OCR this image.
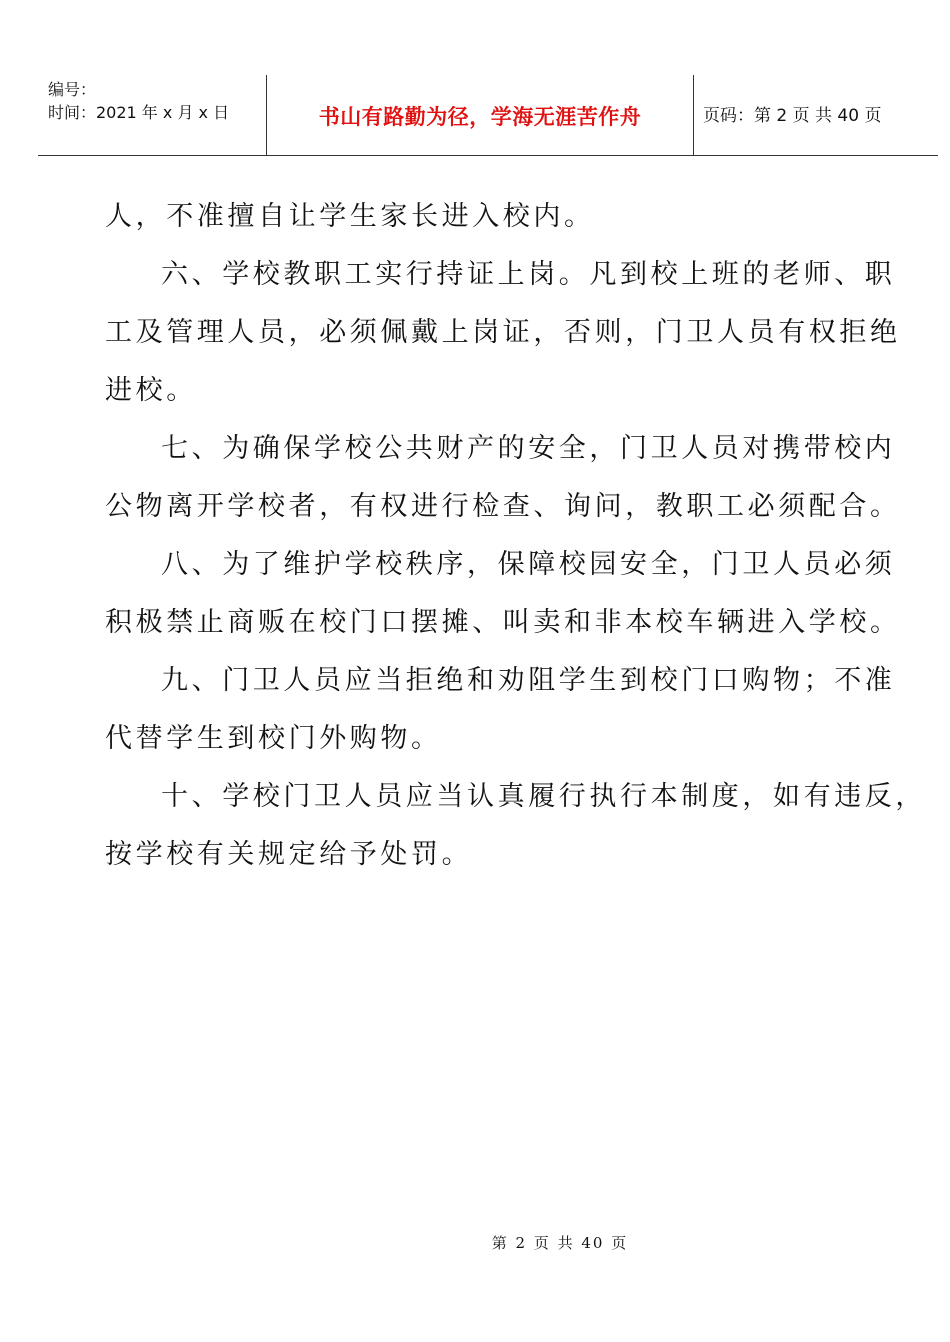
编号：
时间：2021 年 x 月 x 日	书山有路勤为径，学海无涯苦作舟	页码：第 2 页 共 40 页
人，不准擅自让学生家长进入校内。
六、学校教职工实行持证上岗。凡到校上班的老师、职
工及管理人员，必须佩戴上岗证，否则，门卫人员有权拒绝
进校。
七、为确保学校公共财产的安全，门卫人员对携带校内
公物离开学校者，有权进行检查、询问，教职工必须配合。
八、为了维护学校秩序，保障校园安全，门卫人员必须
积极禁止商贩在校门口摆摊、叫卖和非本校车辆进入学校。
九、门卫人员应当拒绝和劝阻学生到校门口购物；不准
代替学生到校门外购物。
十、学校门卫人员应当认真履行执行本制度，如有违反，
按学校有关规定给予处罚。
第 2 页 共 40 页
